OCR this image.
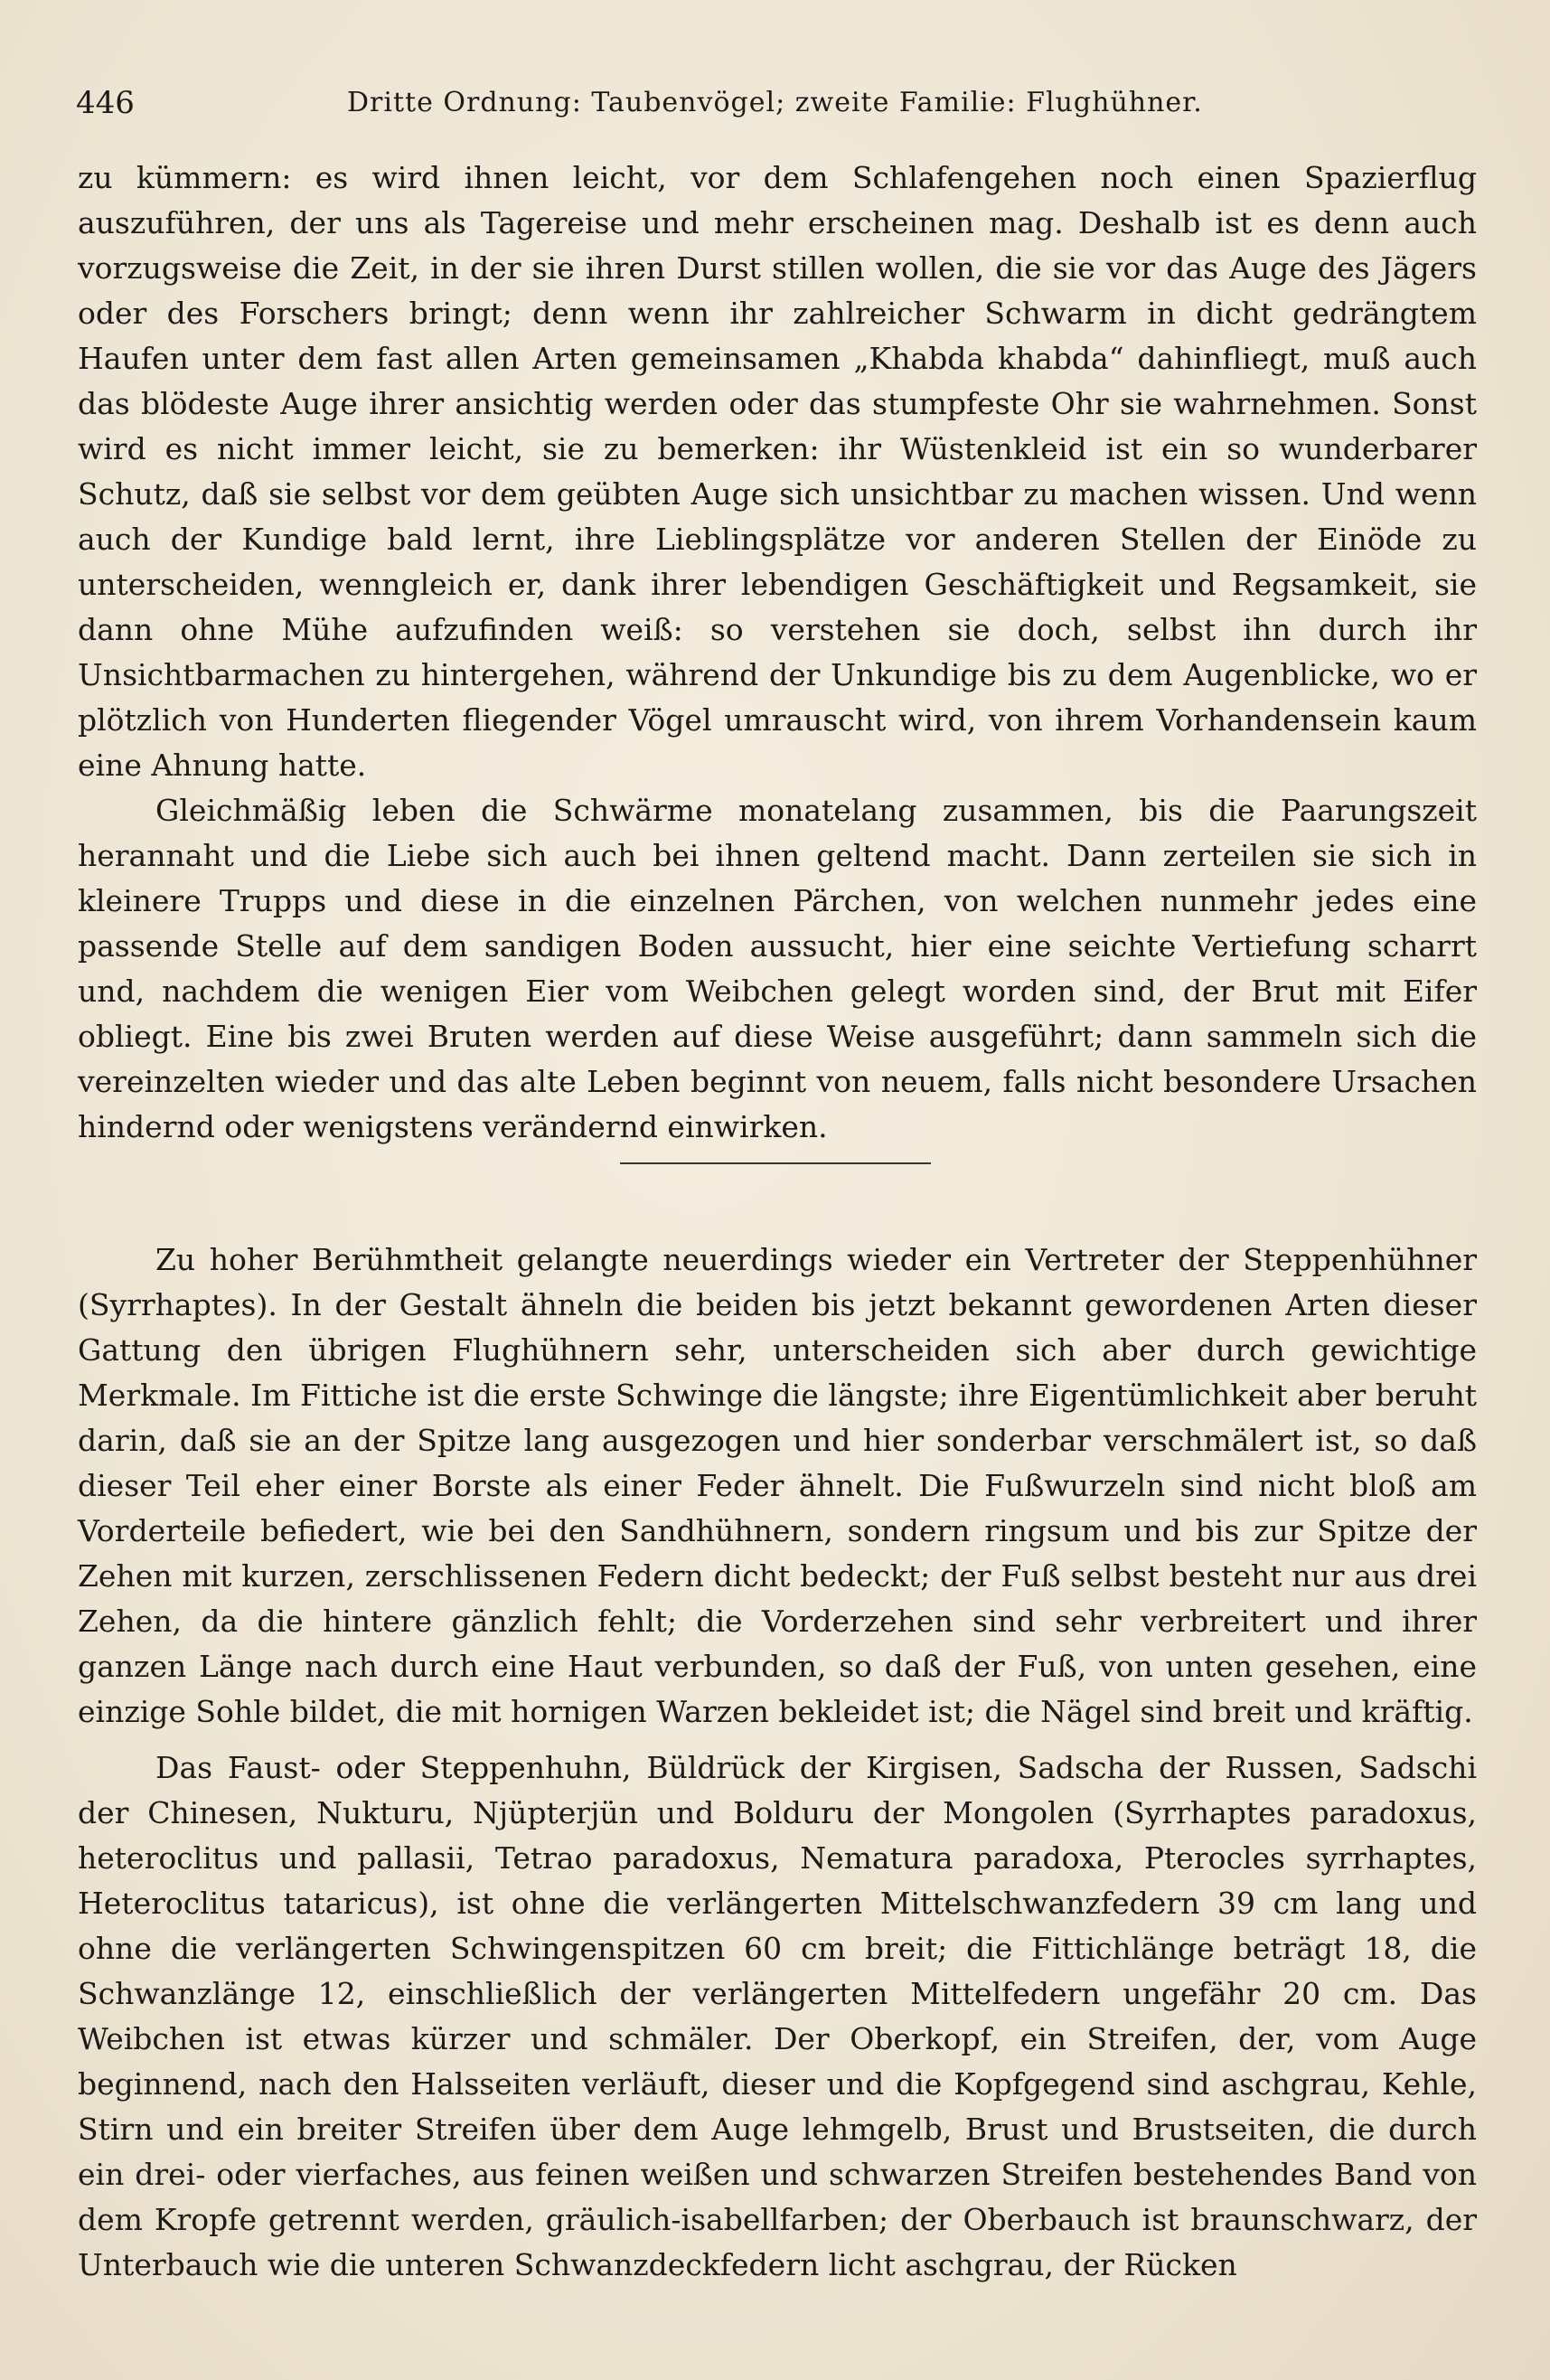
446	Dritte Ordnung: Taubenvögel; zweite Familie: Flughühner.

zu kümmern: es wird ihnen leicht, vor dem Schlafengehen noch einen Spazierflug auszuführen, der uns als Tagereise und mehr erscheinen mag. Deshalb ist es denn auch vorzugsweise die Zeit, in der sie ihren Durst stillen wollen, die sie vor das Auge des Jägers oder des Forschers bringt; denn wenn ihr zahlreicher Schwarm in dicht gedrängtem Haufen unter dem fast allen Arten gemeinsamen „Khabda khabda“ dahinfliegt, muß auch das blödeste Auge ihrer ansichtig werden oder das stumpfeste Ohr sie wahrnehmen. Sonst wird es nicht immer leicht, sie zu bemerken: ihr Wüstenkleid ist ein so wunderbarer Schutz, daß sie selbst vor dem geübten Auge sich unsichtbar zu machen wissen. Und wenn auch der Kundige bald lernt, ihre Lieblingsplätze vor anderen Stellen der Einöde zu unterscheiden, wenngleich er, dank ihrer lebendigen Geschäftigkeit und Regsamkeit, sie dann ohne Mühe aufzufinden weiß: so verstehen sie doch, selbst ihn durch ihr Unsichtbarmachen zu hintergehen, während der Unkundige bis zu dem Augenblicke, wo er plötzlich von Hunderten fliegender Vögel umrauscht wird, von ihrem Vorhandensein kaum eine Ahnung hatte.

Gleichmäßig leben die Schwärme monatelang zusammen, bis die Paarungszeit herannaht und die Liebe sich auch bei ihnen geltend macht. Dann zerteilen sie sich in kleinere Trupps und diese in die einzelnen Pärchen, von welchen nunmehr jedes eine passende Stelle auf dem sandigen Boden aussucht, hier eine seichte Vertiefung scharrt und, nachdem die wenigen Eier vom Weibchen gelegt worden sind, der Brut mit Eifer obliegt. Eine bis zwei Bruten werden auf diese Weise ausgeführt; dann sammeln sich die vereinzelten wieder und das alte Leben beginnt von neuem, falls nicht besondere Ursachen hindernd oder wenigstens verändernd einwirken.

Zu hoher Berühmtheit gelangte neuerdings wieder ein Vertreter der Steppenhühner (Syrrhaptes). In der Gestalt ähneln die beiden bis jetzt bekannt gewordenen Arten dieser Gattung den übrigen Flughühnern sehr, unterscheiden sich aber durch gewichtige Merkmale. Im Fittiche ist die erste Schwinge die längste; ihre Eigentümlichkeit aber beruht darin, daß sie an der Spitze lang ausgezogen und hier sonderbar verschmälert ist, so daß dieser Teil eher einer Borste als einer Feder ähnelt. Die Fußwurzeln sind nicht bloß am Vorderteile befiedert, wie bei den Sandhühnern, sondern ringsum und bis zur Spitze der Zehen mit kurzen, zerschlissenen Federn dicht bedeckt; der Fuß selbst besteht nur aus drei Zehen, da die hintere gänzlich fehlt; die Vorderzehen sind sehr verbreitert und ihrer ganzen Länge nach durch eine Haut verbunden, so daß der Fuß, von unten gesehen, eine einzige Sohle bildet, die mit hornigen Warzen bekleidet ist; die Nägel sind breit und kräftig.

Das Faust- oder Steppenhuhn, Büldrück der Kirgisen, Sadscha der Russen, Sadschi der Chinesen, Nukturu, Njüpterjün und Bolduru der Mongolen (Syrrhaptes paradoxus, heteroclitus und pallasii, Tetrao paradoxus, Nematura paradoxa, Pterocles syrrhaptes, Heteroclitus tataricus), ist ohne die verlängerten Mittelschwanzfedern 39 cm lang und ohne die verlängerten Schwingenspitzen 60 cm breit; die Fittichlänge beträgt 18, die Schwanzlänge 12, einschließlich der verlängerten Mittelfedern ungefähr 20 cm. Das Weibchen ist etwas kürzer und schmäler. Der Oberkopf, ein Streifen, der, vom Auge beginnend, nach den Halsseiten verläuft, dieser und die Kopfgegend sind aschgrau, Kehle, Stirn und ein breiter Streifen über dem Auge lehmgelb, Brust und Brustseiten, die durch ein drei- oder vierfaches, aus feinen weißen und schwarzen Streifen bestehendes Band von dem Kropfe getrennt werden, gräulich-isabellfarben; der Oberbauch ist braunschwarz, der Unterbauch wie die unteren Schwanzdeckfedern licht aschgrau, der Rücken
